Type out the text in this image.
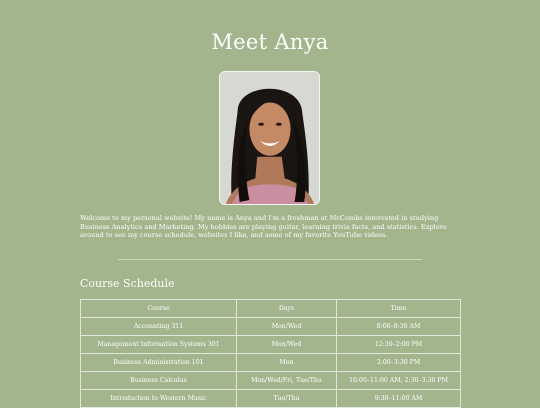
Meet Anya

Welcome to my personal website! My name is Anya and I'm a freshman at McCombs interested in studying Business Analytics and Marketing. My hobbies are playing guitar, learning trivia facts, and statistics. Explore around to see my course schedule, websites I like, and some of my favorite YouTube videos.

Course Schedule
Course	Days	Time
Accounting 311	Mon/Wed	8:00–9:30 AM
Management Information Systems 301	Mon/Wed	12:30–2:00 PM
Business Administration 101	Mon	2:00–3:30 PM
Business Calculus	Mon/Wed/Fri, Tue/Thu	10:00–11:00 AM, 2:30–3:30 PM
Introduction to Western Music	Tue/Thu	9:30–11:00 AM
